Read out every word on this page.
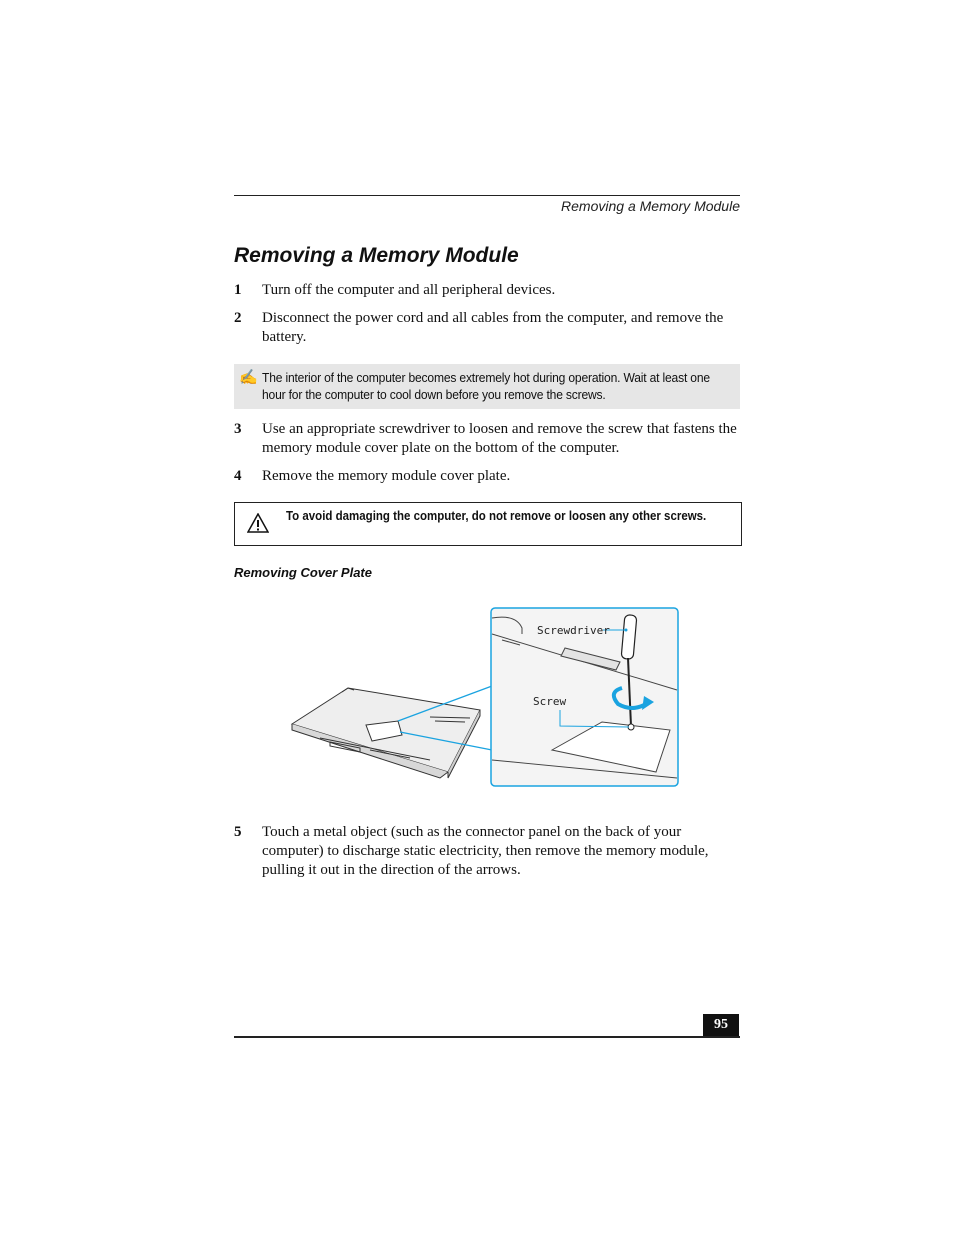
Removing a Memory Module
Removing a Memory Module
1 Turn off the computer and all peripheral devices.
2 Disconnect the power cord and all cables from the computer, and remove the battery.
✍ The interior of the computer becomes extremely hot during operation. Wait at least one hour for the computer to cool down before you remove the screws.
3 Use an appropriate screwdriver to loosen and remove the screw that fastens the memory module cover plate on the bottom of the computer.
4 Remove the memory module cover plate.
To avoid damaging the computer, do not remove or loosen any other screws.
Removing Cover Plate
Screwdriver
Screw
5 Touch a metal object (such as the connector panel on the back of your computer) to discharge static electricity, then remove the memory module, pulling it out in the direction of the arrows.
95
